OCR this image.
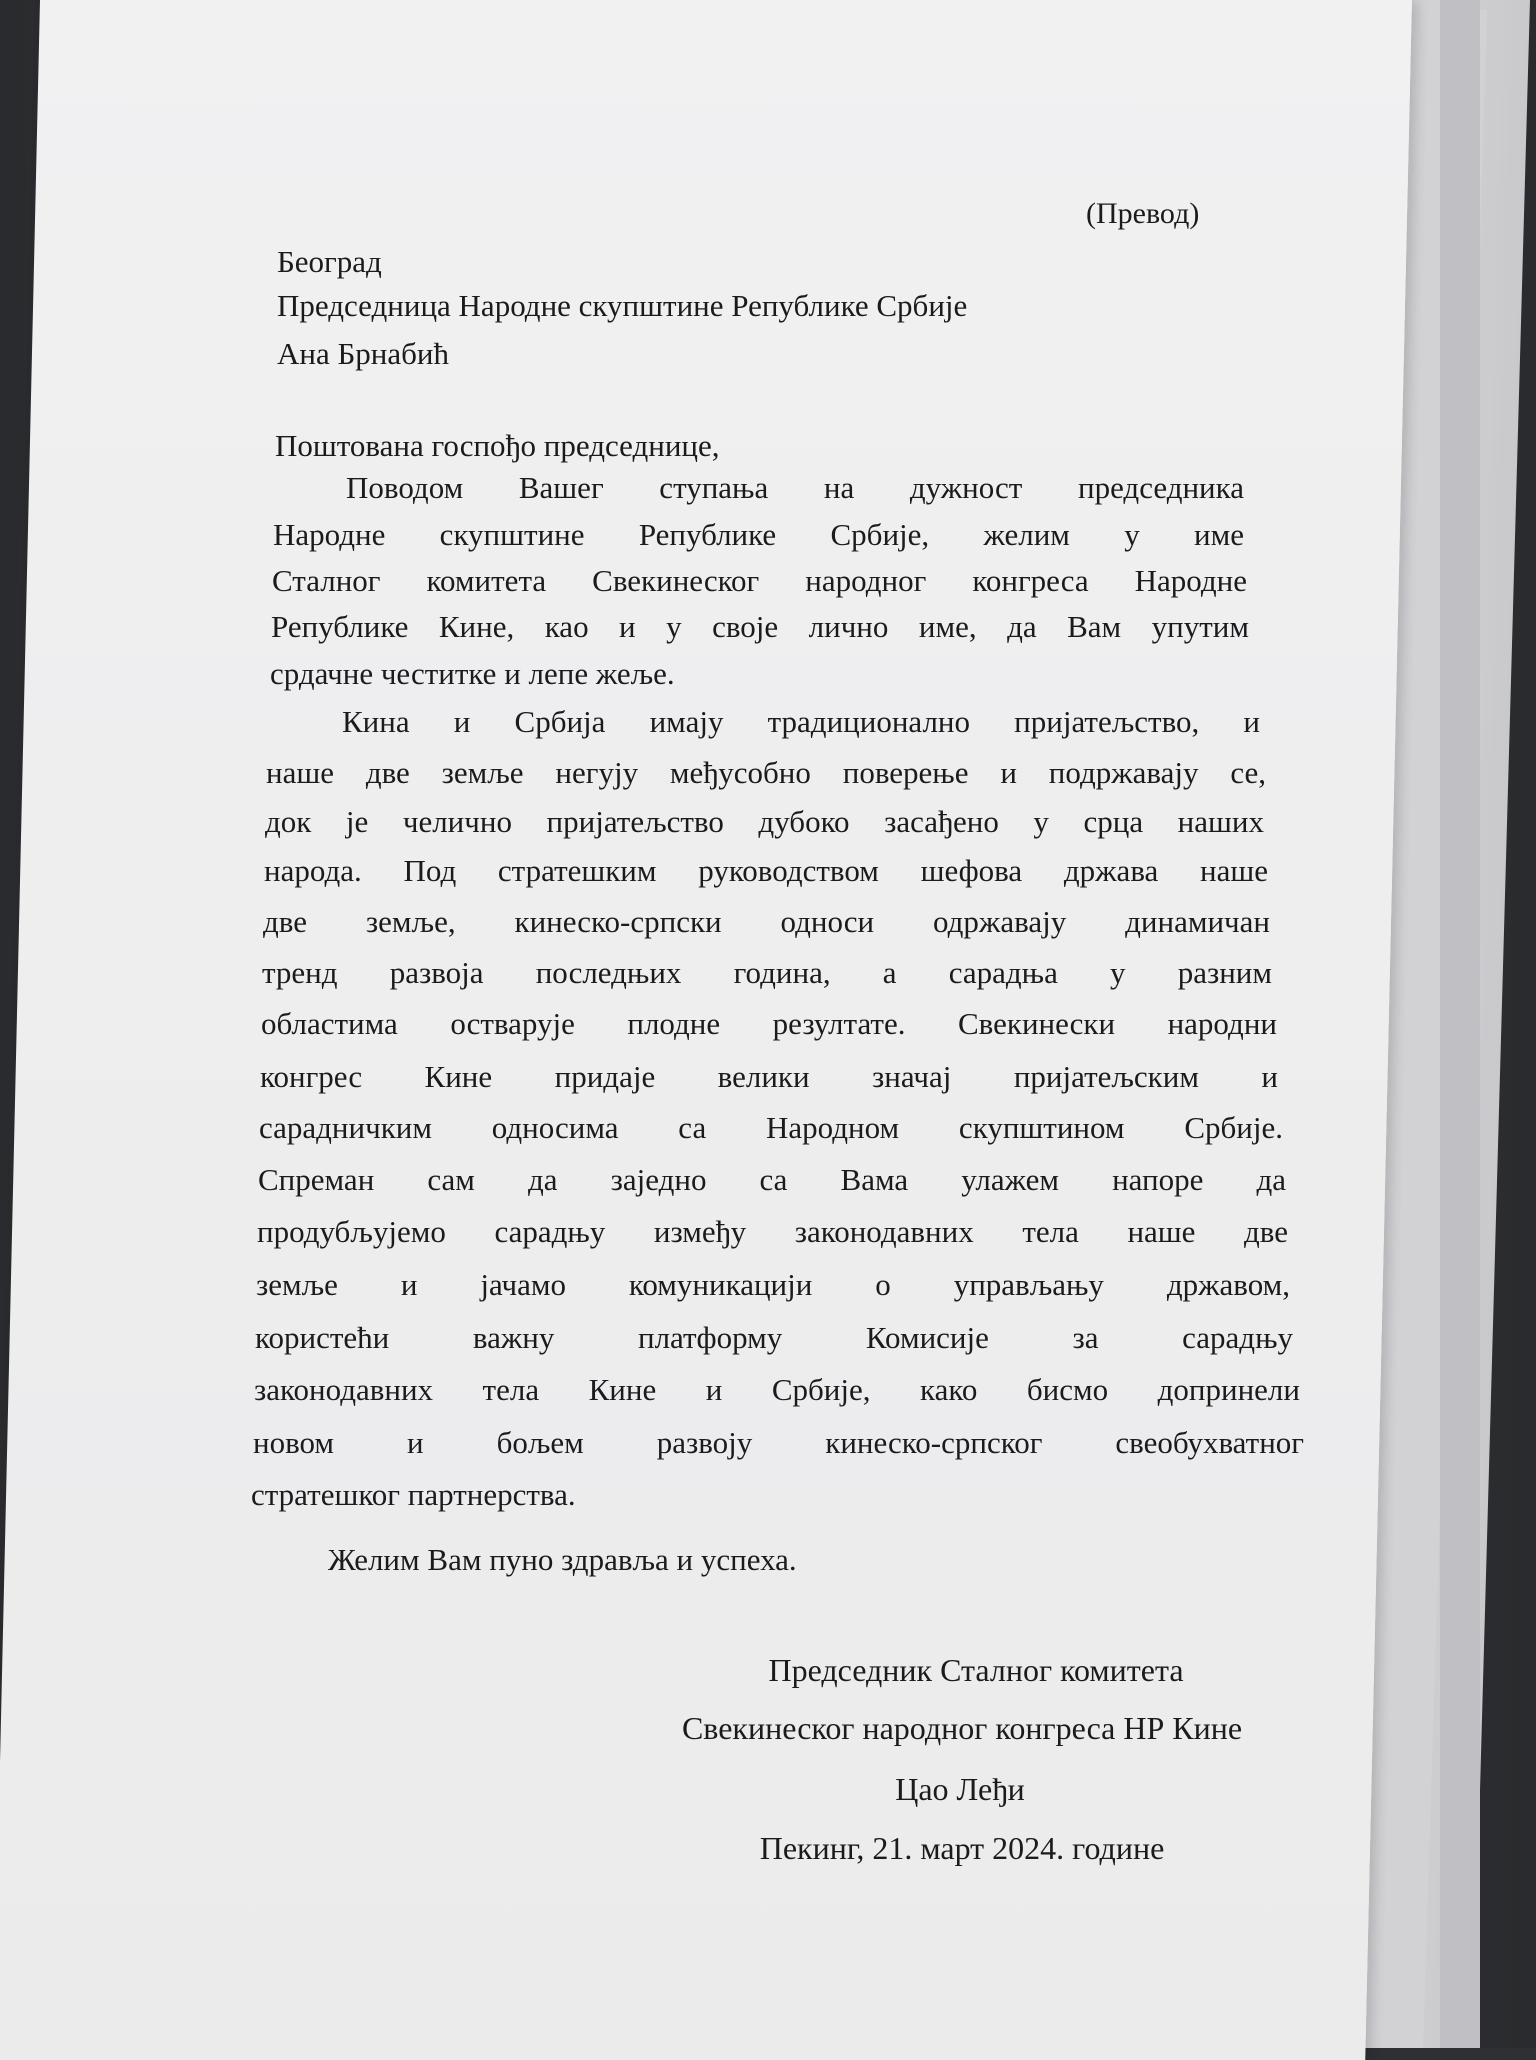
(Превод)
Београд
Председница Народне скупштине Републике Србије
Ана Брнабић
Поштована госпођо председнице,
Поводом Вашег ступања на дужност председника
Народне скупштине Републике Србије, желим у име
Сталног комитета Свекинеског народног конгреса Народне
Републике Кине, као и у своје лично име, да Вам упутим
срдачне честитке и лепе жеље.
Кина и Србија имају традиционално пријатељство, и
наше две земље негују међусобно поверење и подржавају се,
док је челично пријатељство дубоко засађено у срца наших
народа. Под стратешким руководством шефова држава наше
две земље, кинеско-српски односи одржавају динамичан
тренд развоја последњих година, а сарадња у разним
областима остварује плодне резултате. Свекинески народни
конгрес Кине придаје велики значај пријатељским и
сарадничким односима са Народном скупштином Србије.
Спреман сам да заједно са Вама улажем напоре да
продубљујемо сарадњу између законодавних тела наше две
земље и јачамо комуникацији о управљању државом,
користећи важну платформу Комисије за сарадњу
законодавних тела Кине и Србије, како бисмо допринели
новом и бољем развоју кинеско-српског свеобухватног
стратешког партнерства.
Желим Вам пуно здравља и успеха.
Председник Сталног комитета
Свекинеског народног конгреса НР Кине
Цао Леђи
Пекинг, 21. март 2024. године
